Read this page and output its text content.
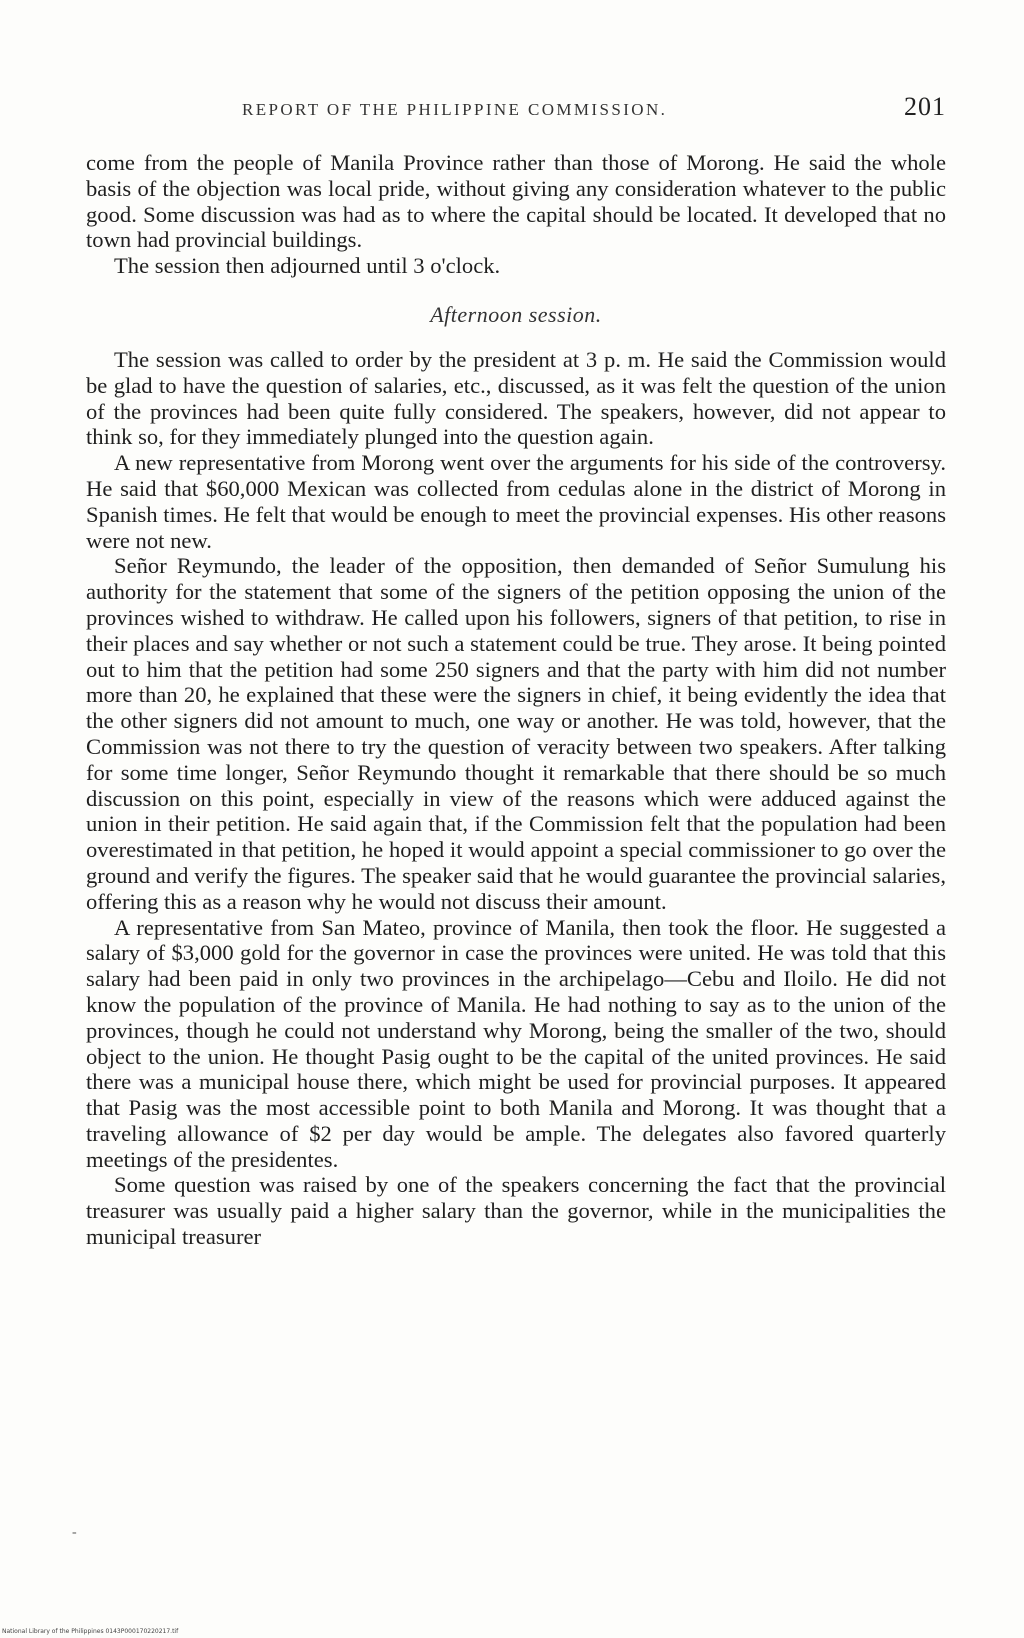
REPORT OF THE PHILIPPINE COMMISSION.	201

come from the people of Manila Province rather than those of Morong. He said the whole basis of the objection was local pride, without giving any consideration whatever to the public good. Some discussion was had as to where the capital should be located. It developed that no town had provincial buildings.

The session then adjourned until 3 o'clock.

Afternoon session.

The session was called to order by the president at 3 p. m. He said the Commission would be glad to have the question of salaries, etc., discussed, as it was felt the question of the union of the provinces had been quite fully considered. The speakers, however, did not appear to think so, for they immediately plunged into the question again.

A new representative from Morong went over the arguments for his side of the controversy. He said that $60,000 Mexican was collected from cedulas alone in the district of Morong in Spanish times. He felt that would be enough to meet the provincial expenses. His other reasons were not new.

Señor Reymundo, the leader of the opposition, then demanded of Señor Sumulung his authority for the statement that some of the signers of the petition opposing the union of the provinces wished to withdraw. He called upon his followers, signers of that petition, to rise in their places and say whether or not such a statement could be true. They arose. It being pointed out to him that the petition had some 250 signers and that the party with him did not number more than 20, he explained that these were the signers in chief, it being evidently the idea that the other signers did not amount to much, one way or another. He was told, however, that the Commission was not there to try the question of veracity between two speakers. After talking for some time longer, Señor Reymundo thought it remarkable that there should be so much discussion on this point, especially in view of the reasons which were adduced against the union in their petition. He said again that, if the Commission felt that the population had been overestimated in that petition, he hoped it would appoint a special commissioner to go over the ground and verify the figures. The speaker said that he would guarantee the provincial salaries, offering this as a reason why he would not discuss their amount.

A representative from San Mateo, province of Manila, then took the floor. He suggested a salary of $3,000 gold for the governor in case the provinces were united. He was told that this salary had been paid in only two provinces in the archipelago—Cebu and Iloilo. He did not know the population of the province of Manila. He had nothing to say as to the union of the provinces, though he could not understand why Morong, being the smaller of the two, should object to the union. He thought Pasig ought to be the capital of the united provinces. He said there was a municipal house there, which might be used for provincial purposes. It appeared that Pasig was the most accessible point to both Manila and Morong. It was thought that a traveling allowance of $2 per day would be ample. The delegates also favored quarterly meetings of the presidentes.

Some question was raised by one of the speakers concerning the fact that the provincial treasurer was usually paid a higher salary than the governor, while in the municipalities the municipal treasurer

-
National Library of the Philippines 0143P000170220217.tif
